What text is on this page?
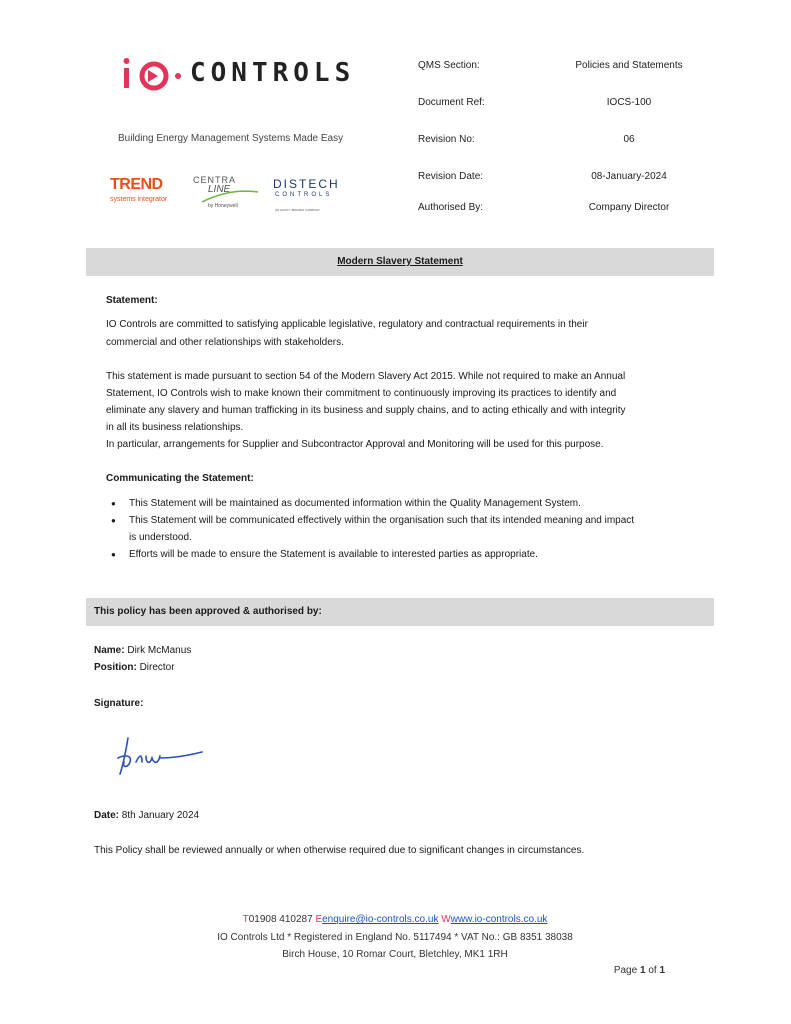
CONTROLS
Building Energy Management Systems Made Easy
TREND
systems integrator
CENTRA
LINE
by Honeywell
DISTECH
CONTROLS
AN ACUITY BRANDS COMPANY
QMS Section:	Policies and Statements
Document Ref:	IOCS-100
Revision No:	06
Revision Date:	08-January-2024
Authorised By:	Company Director
Modern Slavery Statement
Statement:
IO Controls are committed to satisfying applicable legislative, regulatory and contractual requirements in their
commercial and other relationships with stakeholders.
This statement is made pursuant to section 54 of the Modern Slavery Act 2015. While not required to make an Annual
Statement, IO Controls wish to make known their commitment to continuously improving its practices to identify and
eliminate any slavery and human trafficking in its business and supply chains, and to acting ethically and with integrity
in all its business relationships.
In particular, arrangements for Supplier and Subcontractor Approval and Monitoring will be used for this purpose.
Communicating the Statement:
● This Statement will be maintained as documented information within the Quality Management System.
● This Statement will be communicated effectively within the organisation such that its intended meaning and impact
is understood.
● Efforts will be made to ensure the Statement is available to interested parties as appropriate.
This policy has been approved & authorised by:
Name: Dirk McManus
Position: Director
Signature:
Date: 8th January 2024
This Policy shall be reviewed annually or when otherwise required due to significant changes in circumstances.
T01908 410287 Eenquire@io-controls.co.uk Wwww.io-controls.co.uk
IO Controls Ltd * Registered in England No. 5117494 * VAT No.: GB 8351 38038
Birch House, 10 Romar Court, Bletchley, MK1 1RH
Page 1 of 1
